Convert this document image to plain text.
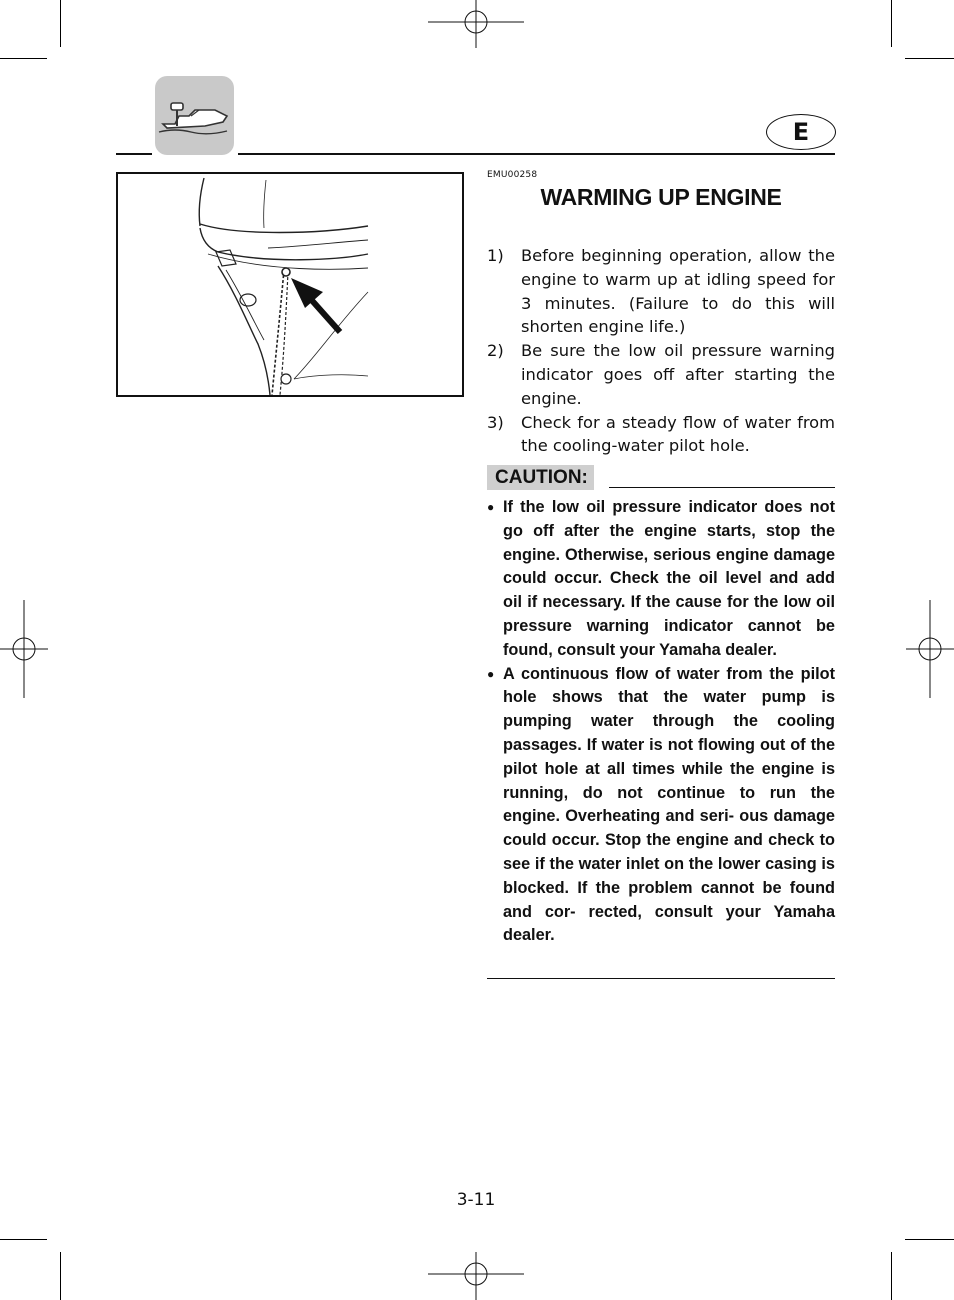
E
EMU00258
WARMING UP ENGINE
1)	Before beginning operation, allow the engine to warm up at idling speed for 3 minutes. (Failure to do this will shorten engine life.)
2)	Be sure the low oil pressure warning indicator goes off after starting the engine.
3)	Check for a steady flow of water from the cooling-water pilot hole.
CAUTION:
● If the low oil pressure indicator does not go off after the engine starts, stop the engine. Otherwise, serious engine damage could occur. Check the oil level and add oil if necessary. If the cause for the low oil pressure warning indicator cannot be found, consult your Yamaha dealer.
● A continuous flow of water from the pilot hole shows that the water pump is pumping water through the cooling passages. If water is not flowing out of the pilot hole at all times while the engine is running, do not continue to run the engine. Overheating and seri- ous damage could occur. Stop the engine and check to see if the water inlet on the lower casing is blocked. If the problem cannot be found and cor- rected, consult your Yamaha dealer.
3-11
